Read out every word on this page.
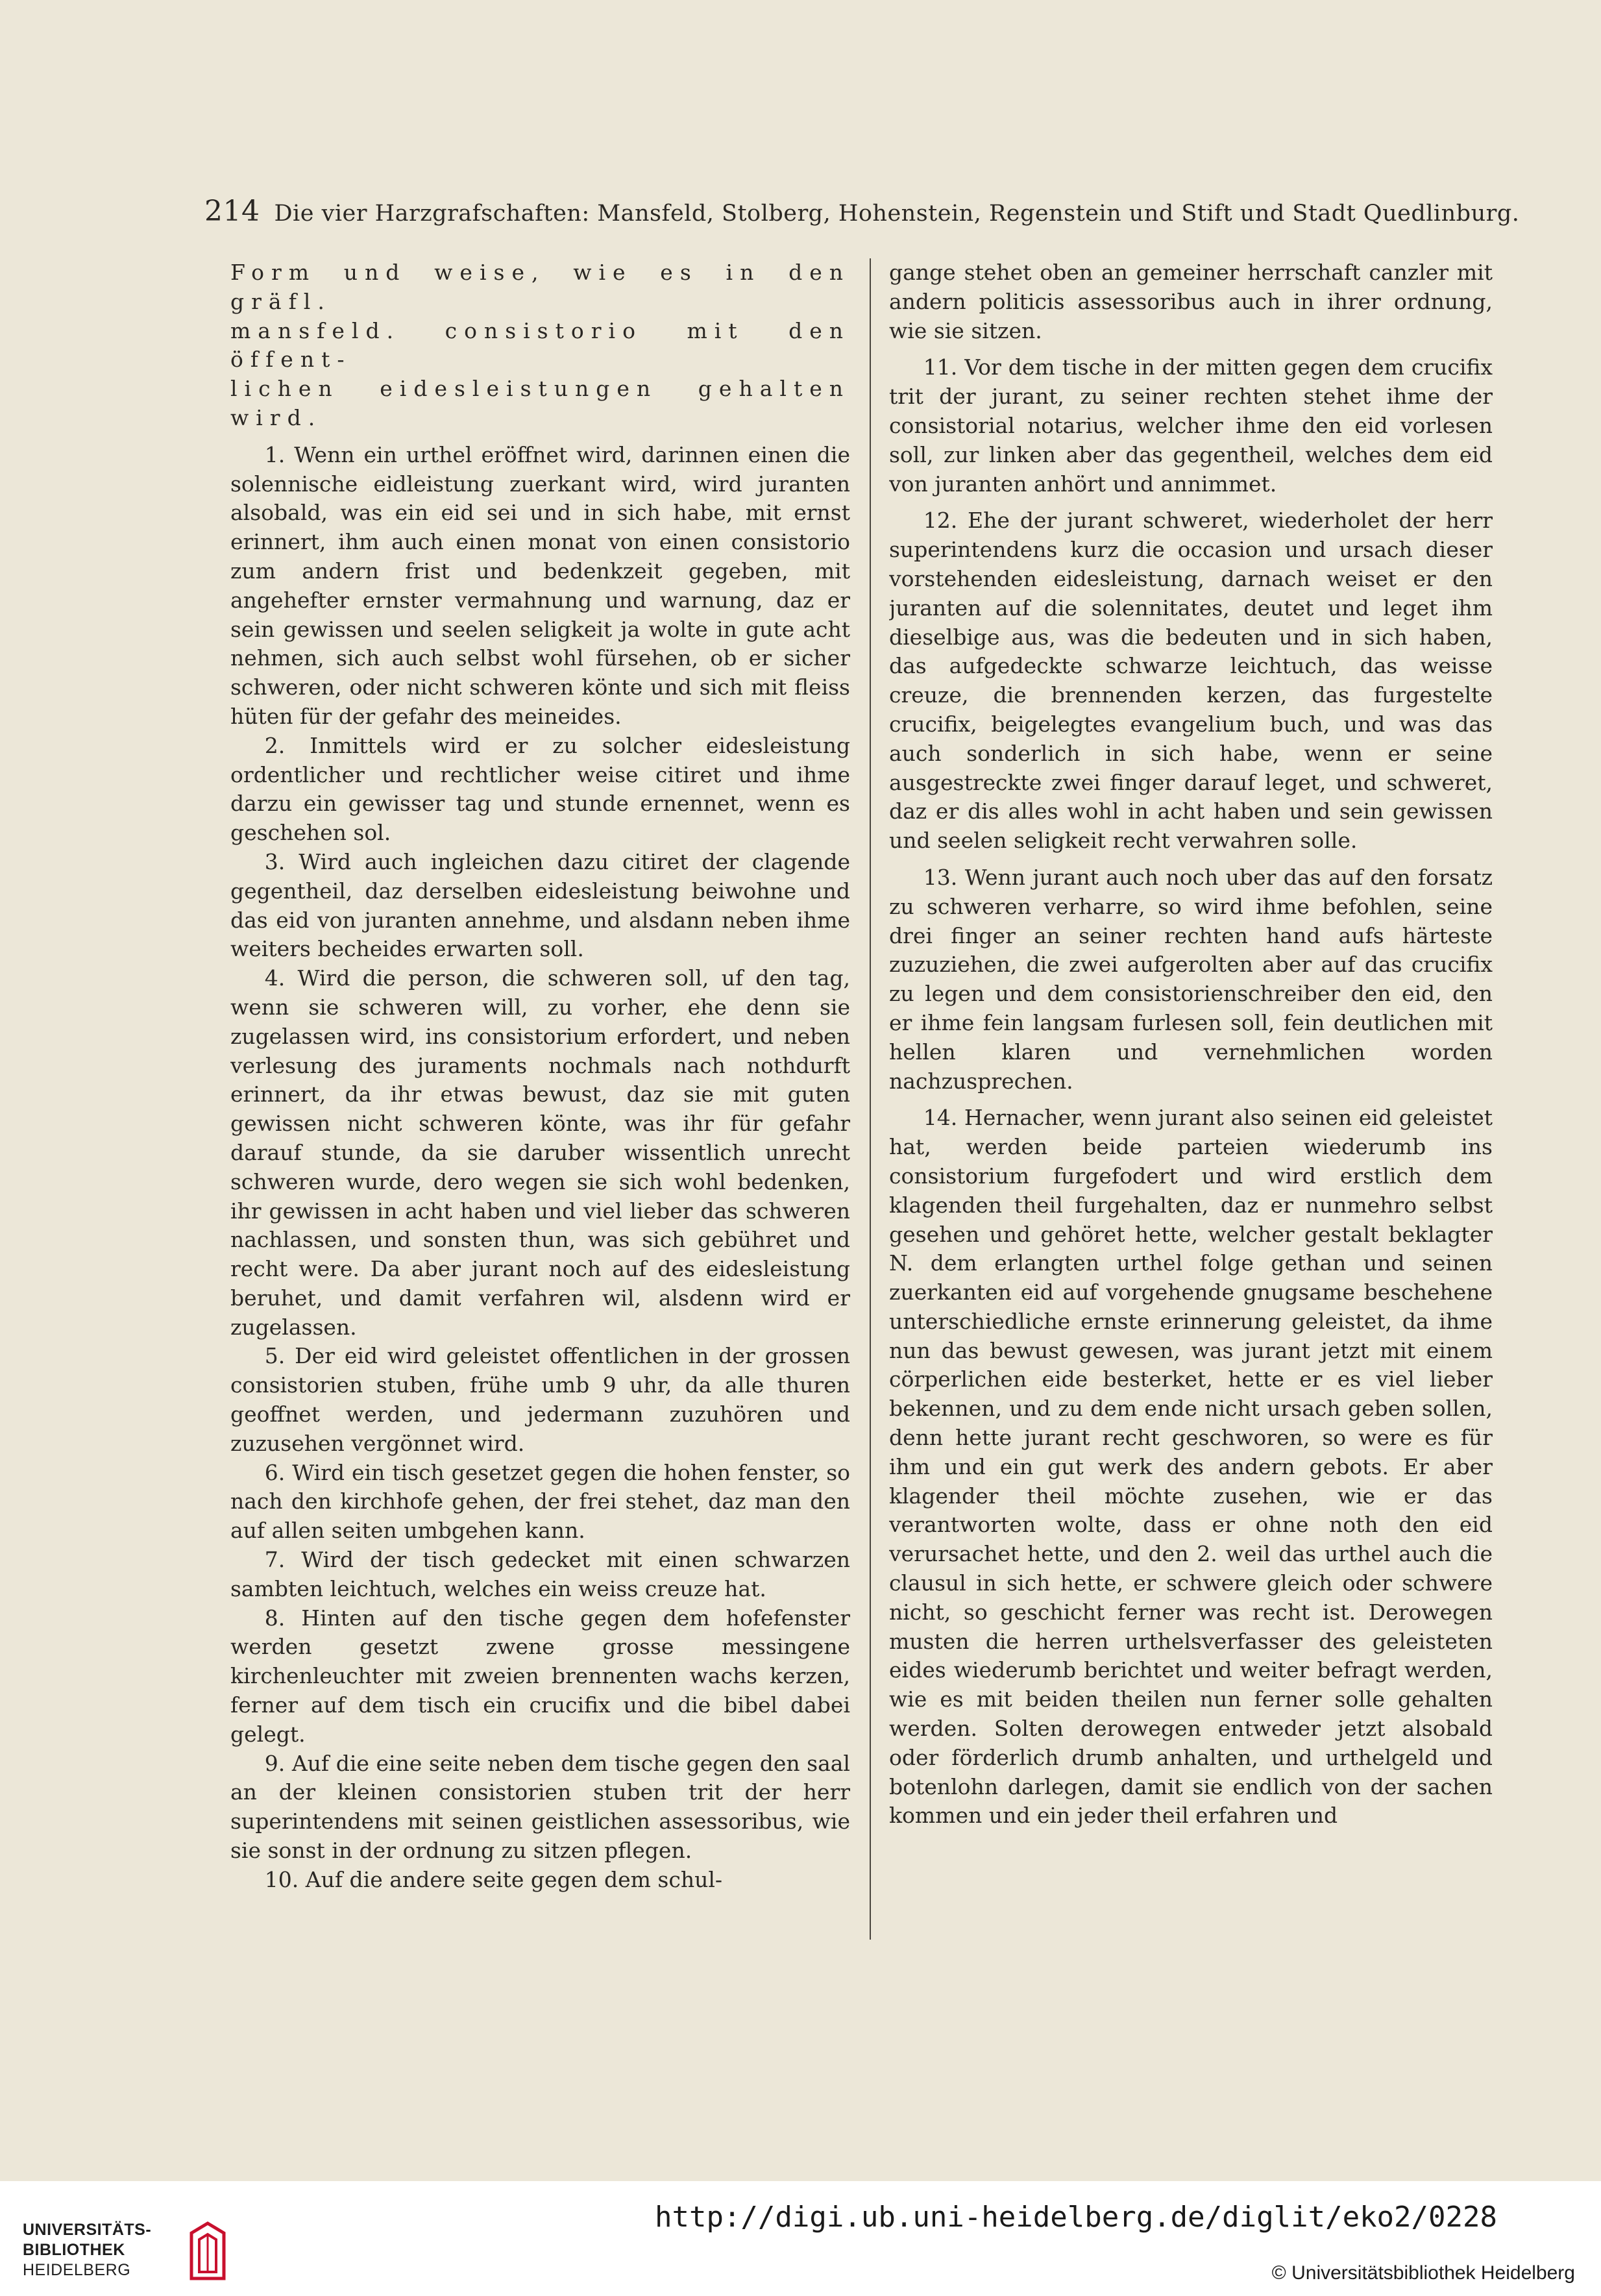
214 Die vier Harzgrafschaften: Mansfeld, Stolberg, Hohenstein, Regenstein und Stift und Stadt Quedlinburg.

Form und weise, wie es in den gräfl.

mansfeld. consistorio mit den öffent-

lichen eidesleistungen gehalten wird.

1. Wenn ein urthel eröffnet wird, darinnen einen die solennische eidleistung zuerkant wird, wird juranten alsobald, was ein eid sei und in sich habe, mit ernst erinnert, ihm auch einen monat von einen consistorio zum andern frist und bedenkzeit gegeben, mit angehefter ernster vermahnung und warnung, daz er sein gewissen und seelen seligkeit ja wolte in gute acht nehmen, sich auch selbst wohl fürsehen, ob er sicher schweren, oder nicht schweren könte und sich mit fleiss hüten für der gefahr des meineides.

2. Inmittels wird er zu solcher eidesleistung ordentlicher und rechtlicher weise citiret und ihme darzu ein gewisser tag und stunde ernennet, wenn es geschehen sol.

3. Wird auch ingleichen dazu citiret der clagende gegentheil, daz derselben eidesleistung beiwohne und das eid von juranten annehme, und alsdann neben ihme weiters becheides erwarten soll.

4. Wird die person, die schweren soll, uf den tag, wenn sie schweren will, zu vorher, ehe denn sie zugelassen wird, ins consistorium erfordert, und neben verlesung des juraments nochmals nach nothdurft erinnert, da ihr etwas bewust, daz sie mit guten gewissen nicht schweren könte, was ihr für gefahr darauf stunde, da sie daruber wissentlich unrecht schweren wurde, dero wegen sie sich wohl bedenken, ihr gewissen in acht haben und viel lieber das schweren nachlassen, und sonsten thun, was sich gebühret und recht were. Da aber jurant noch auf des eidesleistung beruhet, und damit verfahren wil, alsdenn wird er zugelassen.

5. Der eid wird geleistet offentlichen in der grossen consistorien stuben, frühe umb 9 uhr, da alle thuren geoffnet werden, und jedermann zuzuhören und zuzusehen vergönnet wird.

6. Wird ein tisch gesetzet gegen die hohen fenster, so nach den kirchhofe gehen, der frei stehet, daz man den auf allen seiten umbgehen kann.

7. Wird der tisch gedecket mit einen schwarzen sambten leichtuch, welches ein weiss creuze hat.

8. Hinten auf den tische gegen dem hofefenster werden gesetzt zwene grosse messingene kirchenleuchter mit zweien brennenten wachs kerzen, ferner auf dem tisch ein crucifix und die bibel dabei gelegt.

9. Auf die eine seite neben dem tische gegen den saal an der kleinen consistorien stuben trit der herr superintendens mit seinen geistlichen assessoribus, wie sie sonst in der ordnung zu sitzen pflegen.

10. Auf die andere seite gegen dem schul-

gange stehet oben an gemeiner herrschaft canzler mit andern politicis assessoribus auch in ihrer ordnung, wie sie sitzen.

11. Vor dem tische in der mitten gegen dem crucifix trit der jurant, zu seiner rechten stehet ihme der consistorial notarius, welcher ihme den eid vorlesen soll, zur linken aber das gegentheil, welches dem eid von juranten anhört und annimmet.

12. Ehe der jurant schweret, wiederholet der herr superintendens kurz die occasion und ursach dieser vorstehenden eidesleistung, darnach weiset er den juranten auf die solennitates, deutet und leget ihm dieselbige aus, was die bedeuten und in sich haben, das aufgedeckte schwarze leichtuch, das weisse creuze, die brennenden kerzen, das furgestelte crucifix, beigelegtes evangelium buch, und was das auch sonderlich in sich habe, wenn er seine ausgestreckte zwei finger darauf leget, und schweret, daz er dis alles wohl in acht haben und sein gewissen und seelen seligkeit recht verwahren solle.

13. Wenn jurant auch noch uber das auf den forsatz zu schweren verharre, so wird ihme befohlen, seine drei finger an seiner rechten hand aufs härteste zuzuziehen, die zwei aufgerolten aber auf das crucifix zu legen und dem consistorienschreiber den eid, den er ihme fein langsam furlesen soll, fein deutlichen mit hellen klaren und vernehmlichen worden nachzusprechen.

14. Hernacher, wenn jurant also seinen eid geleistet hat, werden beide parteien wiederumb ins consistorium furgefodert und wird erstlich dem klagenden theil furgehalten, daz er nunmehro selbst gesehen und gehöret hette, welcher gestalt beklagter N. dem erlangten urthel folge gethan und seinen zuerkanten eid auf vorgehende gnugsame beschehene unterschiedliche ernste erinnerung geleistet, da ihme nun das bewust gewesen, was jurant jetzt mit einem cörperlichen eide besterket, hette er es viel lieber bekennen, und zu dem ende nicht ursach geben sollen, denn hette jurant recht geschworen, so were es für ihm und ein gut werk des andern gebots. Er aber klagender theil möchte zusehen, wie er das verantworten wolte, dass er ohne noth den eid verursachet hette, und den 2. weil das urthel auch die clausul in sich hette, er schwere gleich oder schwere nicht, so geschicht ferner was recht ist. Derowegen musten die herren urthelsverfasser des geleisteten eides wiederumb berichtet und weiter befragt werden, wie es mit beiden theilen nun ferner solle gehalten werden. Solten derowegen entweder jetzt alsobald oder förderlich drumb anhalten, und urthelgeld und botenlohn darlegen, damit sie endlich von der sachen kommen und ein jeder theil erfahren und

UNIVERSITÄTS-
BIBLIOTHEK
HEIDELBERG
http://digi.ub.uni-heidelberg.de/diglit/eko2/0228
© Universitätsbibliothek Heidelberg
